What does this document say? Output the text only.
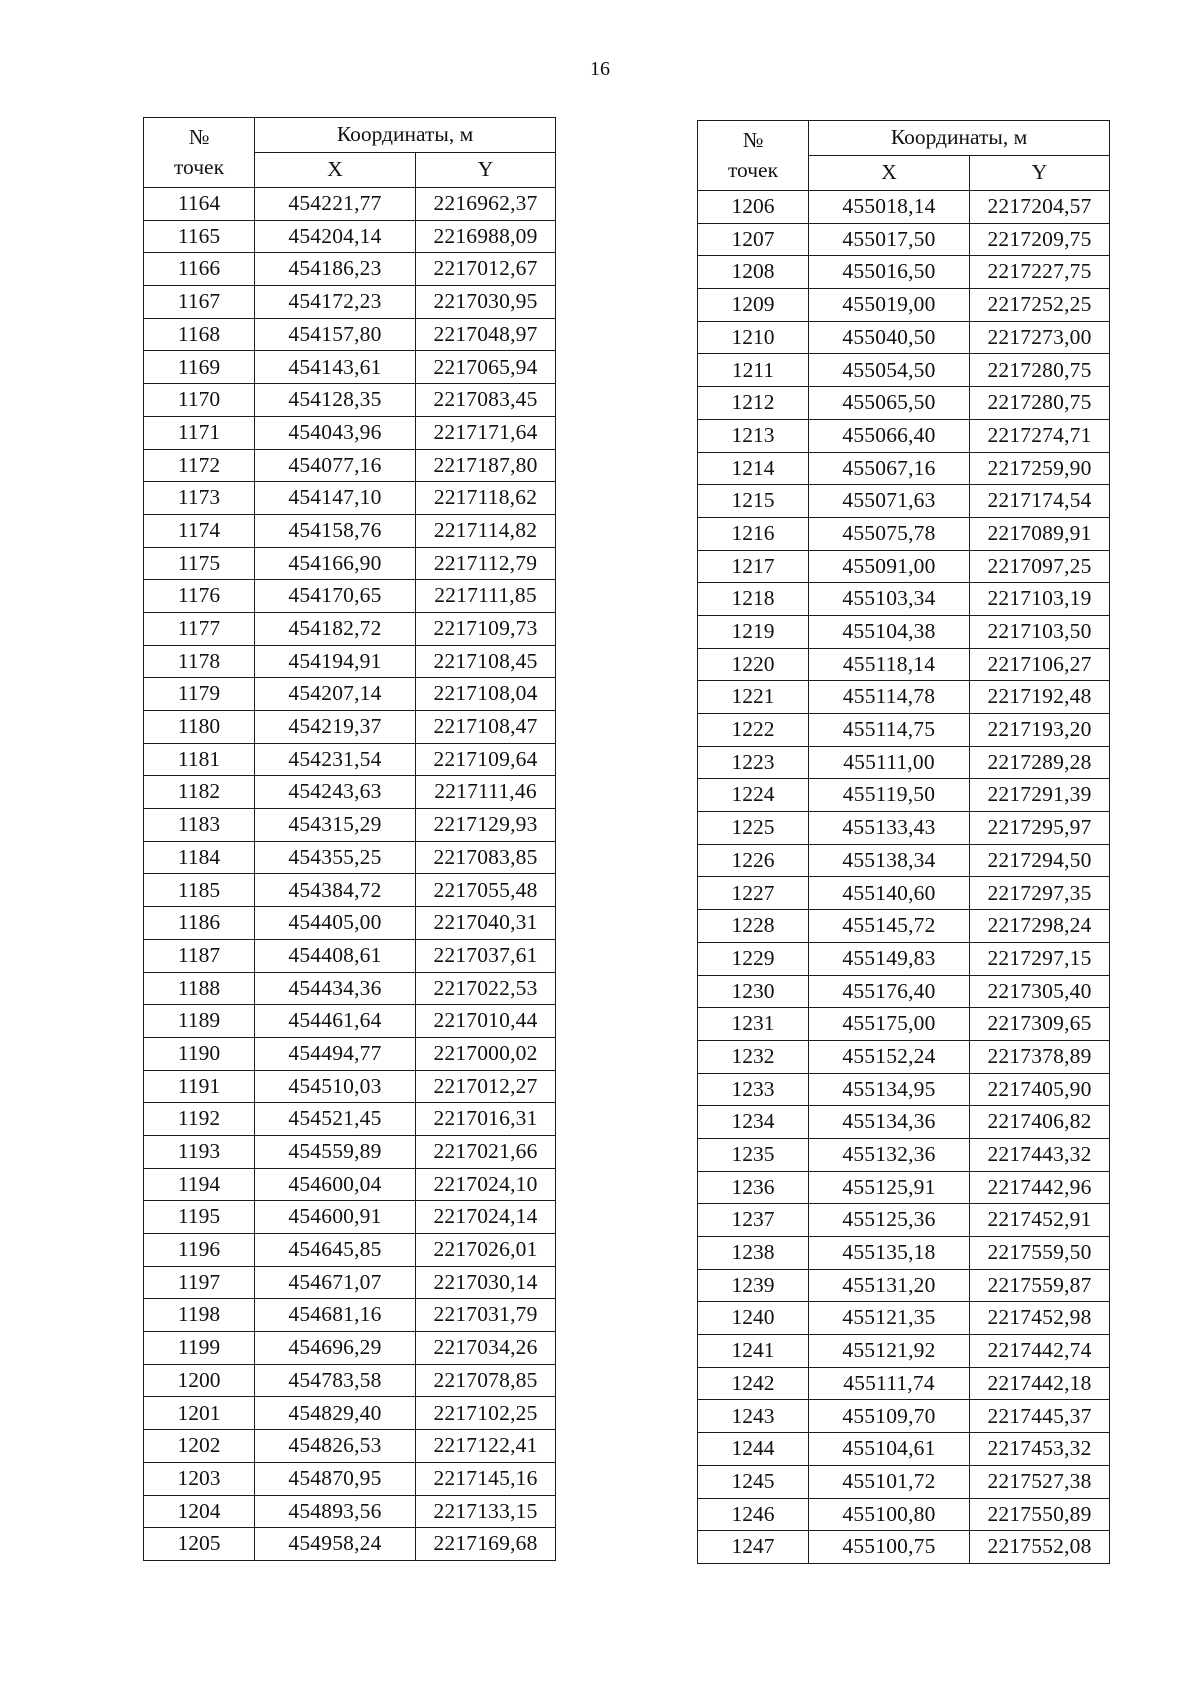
16
№
точек	Координаты, м	
	X	Y
1164	454221,77	2216962,37
1165	454204,14	2216988,09
1166	454186,23	2217012,67
1167	454172,23	2217030,95
1168	454157,80	2217048,97
1169	454143,61	2217065,94
1170	454128,35	2217083,45
1171	454043,96	2217171,64
1172	454077,16	2217187,80
1173	454147,10	2217118,62
1174	454158,76	2217114,82
1175	454166,90	2217112,79
1176	454170,65	2217111,85
1177	454182,72	2217109,73
1178	454194,91	2217108,45
1179	454207,14	2217108,04
1180	454219,37	2217108,47
1181	454231,54	2217109,64
1182	454243,63	2217111,46
1183	454315,29	2217129,93
1184	454355,25	2217083,85
1185	454384,72	2217055,48
1186	454405,00	2217040,31
1187	454408,61	2217037,61
1188	454434,36	2217022,53
1189	454461,64	2217010,44
1190	454494,77	2217000,02
1191	454510,03	2217012,27
1192	454521,45	2217016,31
1193	454559,89	2217021,66
1194	454600,04	2217024,10
1195	454600,91	2217024,14
1196	454645,85	2217026,01
1197	454671,07	2217030,14
1198	454681,16	2217031,79
1199	454696,29	2217034,26
1200	454783,58	2217078,85
1201	454829,40	2217102,25
1202	454826,53	2217122,41
1203	454870,95	2217145,16
1204	454893,56	2217133,15
1205	454958,24	2217169,68
№
точек	Координаты, м	
	X	Y
1206	455018,14	2217204,57
1207	455017,50	2217209,75
1208	455016,50	2217227,75
1209	455019,00	2217252,25
1210	455040,50	2217273,00
1211	455054,50	2217280,75
1212	455065,50	2217280,75
1213	455066,40	2217274,71
1214	455067,16	2217259,90
1215	455071,63	2217174,54
1216	455075,78	2217089,91
1217	455091,00	2217097,25
1218	455103,34	2217103,19
1219	455104,38	2217103,50
1220	455118,14	2217106,27
1221	455114,78	2217192,48
1222	455114,75	2217193,20
1223	455111,00	2217289,28
1224	455119,50	2217291,39
1225	455133,43	2217295,97
1226	455138,34	2217294,50
1227	455140,60	2217297,35
1228	455145,72	2217298,24
1229	455149,83	2217297,15
1230	455176,40	2217305,40
1231	455175,00	2217309,65
1232	455152,24	2217378,89
1233	455134,95	2217405,90
1234	455134,36	2217406,82
1235	455132,36	2217443,32
1236	455125,91	2217442,96
1237	455125,36	2217452,91
1238	455135,18	2217559,50
1239	455131,20	2217559,87
1240	455121,35	2217452,98
1241	455121,92	2217442,74
1242	455111,74	2217442,18
1243	455109,70	2217445,37
1244	455104,61	2217453,32
1245	455101,72	2217527,38
1246	455100,80	2217550,89
1247	455100,75	2217552,08
